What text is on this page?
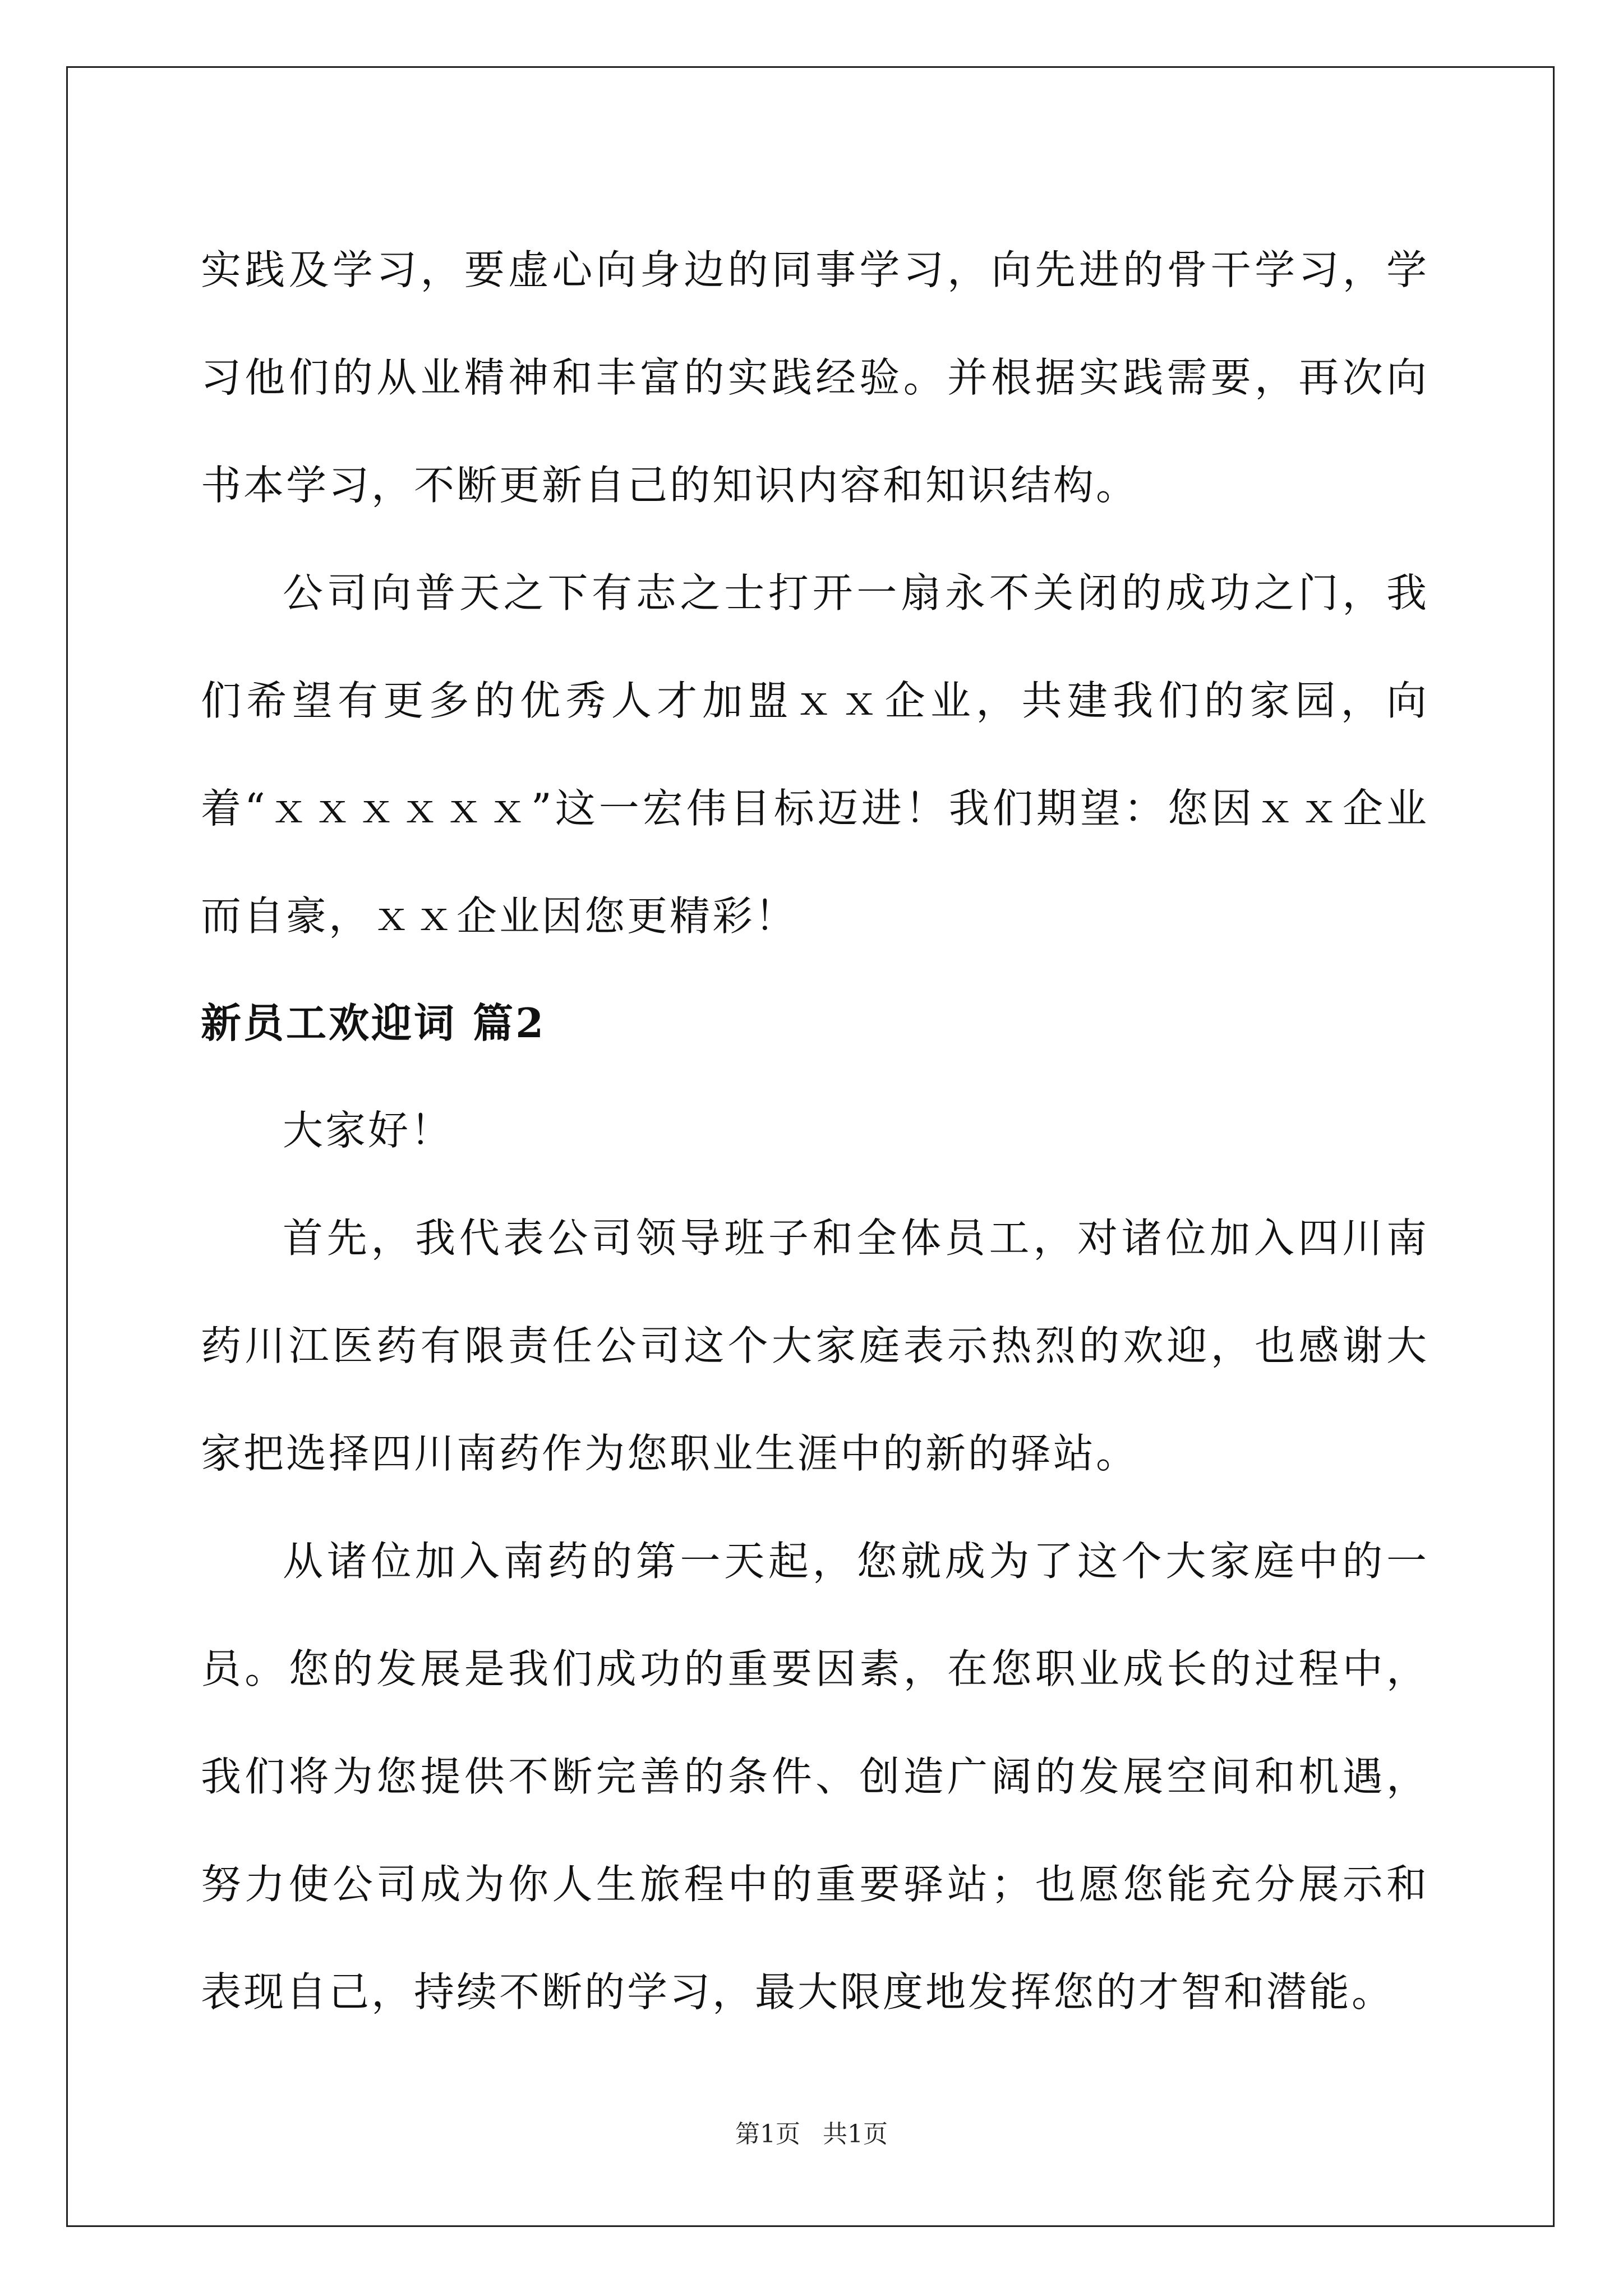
实践及学习，要虚心向身边的同事学习，向先进的骨干学习，学习他们的从业精神和丰富的实践经验。并根据实践需要，再次向书本学习，不断更新自己的知识内容和知识结构。

公司向普天之下有志之士打开一扇永不关闭的成功之门，我们希望有更多的优秀人才加盟ｘｘ企业，共建我们的家园，向着“ｘｘｘｘｘｘ”这一宏伟目标迈进！我们期望：您因ｘｘ企业而自豪，ｘｘ企业因您更精彩！

新员工欢迎词 篇2

大家好！

首先，我代表公司领导班子和全体员工，对诸位加入四川南药川江医药有限责任公司这个大家庭表示热烈的欢迎，也感谢大家把选择四川南药作为您职业生涯中的新的驿站。

从诸位加入南药的第一天起，您就成为了这个大家庭中的一员。您的发展是我们成功的重要因素，在您职业成长的过程中，我们将为您提供不断完善的条件、创造广阔的发展空间和机遇，努力使公司成为你人生旅程中的重要驿站；也愿您能充分展示和表现自己，持续不断的学习，最大限度地发挥您的才智和潜能。

第1页 共1页
